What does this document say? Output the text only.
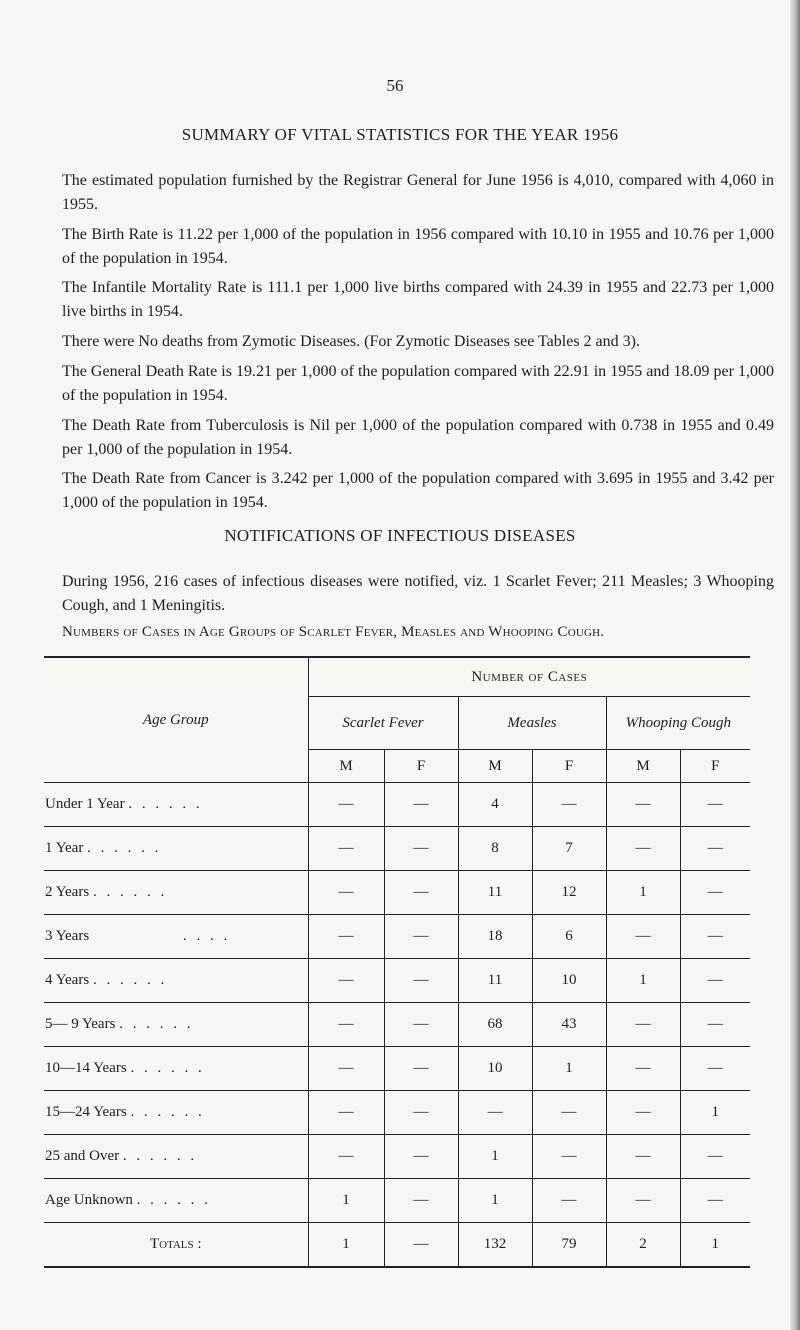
56
SUMMARY OF VITAL STATISTICS FOR THE YEAR 1956

The estimated population furnished by the Registrar General for June 1956 is 4,010, compared with 4,060 in 1955.

The Birth Rate is 11.22 per 1,000 of the population in 1956 compared with 10.10 in 1955 and 10.76 per 1,000 of the population in 1954.

The Infantile Mortality Rate is 111.1 per 1,000 live births compared with 24.39 in 1955 and 22.73 per 1,000 live births in 1954.

There were No deaths from Zymotic Diseases. (For Zymotic Diseases see Tables 2 and 3).

The General Death Rate is 19.21 per 1,000 of the population compared with 22.91 in 1955 and 18.09 per 1,000 of the population in 1954.

The Death Rate from Tuberculosis is Nil per 1,000 of the population compared with 0.738 in 1955 and 0.49 per 1,000 of the population in 1954.

The Death Rate from Cancer is 3.242 per 1,000 of the population compared with 3.695 in 1955 and 3.42 per 1,000 of the population in 1954.

NOTIFICATIONS OF INFECTIOUS DISEASES

During 1956, 216 cases of infectious diseases were notified, viz. 1 Scarlet Fever; 211 Measles; 3 Whooping Cough, and 1 Meningitis.

Numbers of Cases in Age Groups of Scarlet Fever, Measles and Whooping Cough.
Age Group	Number of Cases					
	Scarlet Fever		Measles		Whooping Cough	
	M	F	M	F	M	F
Under 1 Year . . . . . .	—	—	4	—	—	—
1 Year . . . . . .	—	—	8	7	—	—
2 Years . . . . . .	—	—	11	12	1	—
3 Years . . . .	—	—	18	6	—	—
4 Years . . . . . .	—	—	11	10	1	—
5— 9 Years . . . . . .	—	—	68	43	—	—
10—14 Years . . . . . .	—	—	10	1	—	—
15—24 Years . . . . . .	—	—	—	—	—	1
25 and Over . . . . . .	—	—	1	—	—	—
Age Unknown . . . . . .	1	—	1	—	—	—
Totals :	1	—	132	79	2	1
